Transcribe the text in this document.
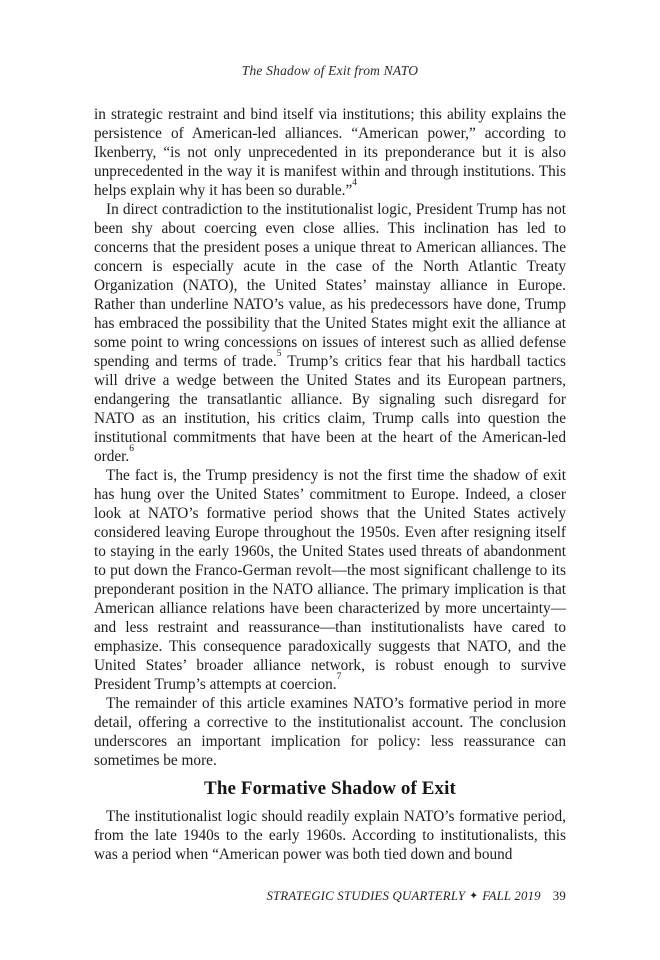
The Shadow of Exit from NATO

in strategic restraint and bind itself via institutions; this ability explains the persistence of American-led alliances. “American power,” according to Ikenberry, “is not only unprecedented in its preponderance but it is also unprecedented in the way it is manifest within and through institutions. This helps explain why it has been so durable.”$^4$

In direct contradiction to the institutionalist logic, President Trump has not been shy about coercing even close allies. This inclination has led to concerns that the president poses a unique threat to American alliances. The concern is especially acute in the case of the North Atlantic Treaty Organization (NATO), the United States’ mainstay alliance in Europe. Rather than underline NATO’s value, as his predecessors have done, Trump has embraced the possibility that the United States might exit the alliance at some point to wring concessions on issues of interest such as allied defense spending and terms of trade.$^5$ Trump’s critics fear that his hardball tactics will drive a wedge between the United States and its European partners, endangering the transatlantic alliance. By signaling such disregard for NATO as an institution, his critics claim, Trump calls into question the institutional commitments that have been at the heart of the American-led order.$^6$

The fact is, the Trump presidency is not the first time the shadow of exit has hung over the United States’ commitment to Europe. Indeed, a closer look at NATO’s formative period shows that the United States actively considered leaving Europe throughout the 1950s. Even after resigning itself to staying in the early 1960s, the United States used threats of abandonment to put down the Franco-German revolt—the most significant challenge to its preponderant position in the NATO alliance. The primary implication is that American alliance relations have been characterized by more uncertainty—and less restraint and reassurance—than institutionalists have cared to emphasize. This consequence paradoxically suggests that NATO, and the United States’ broader alliance network, is robust enough to survive President Trump’s attempts at coercion.$^7$

The remainder of this article examines NATO’s formative period in more detail, offering a corrective to the institutionalist account. The conclusion underscores an important implication for policy: less reassurance can sometimes be more.

The Formative Shadow of Exit

The institutionalist logic should readily explain NATO’s formative period, from the late 1940s to the early 1960s. According to institutionalists, this was a period when “American power was both tied down and bound

STRATEGIC STUDIES QUARTERLY ✦ FALL 2019 39
